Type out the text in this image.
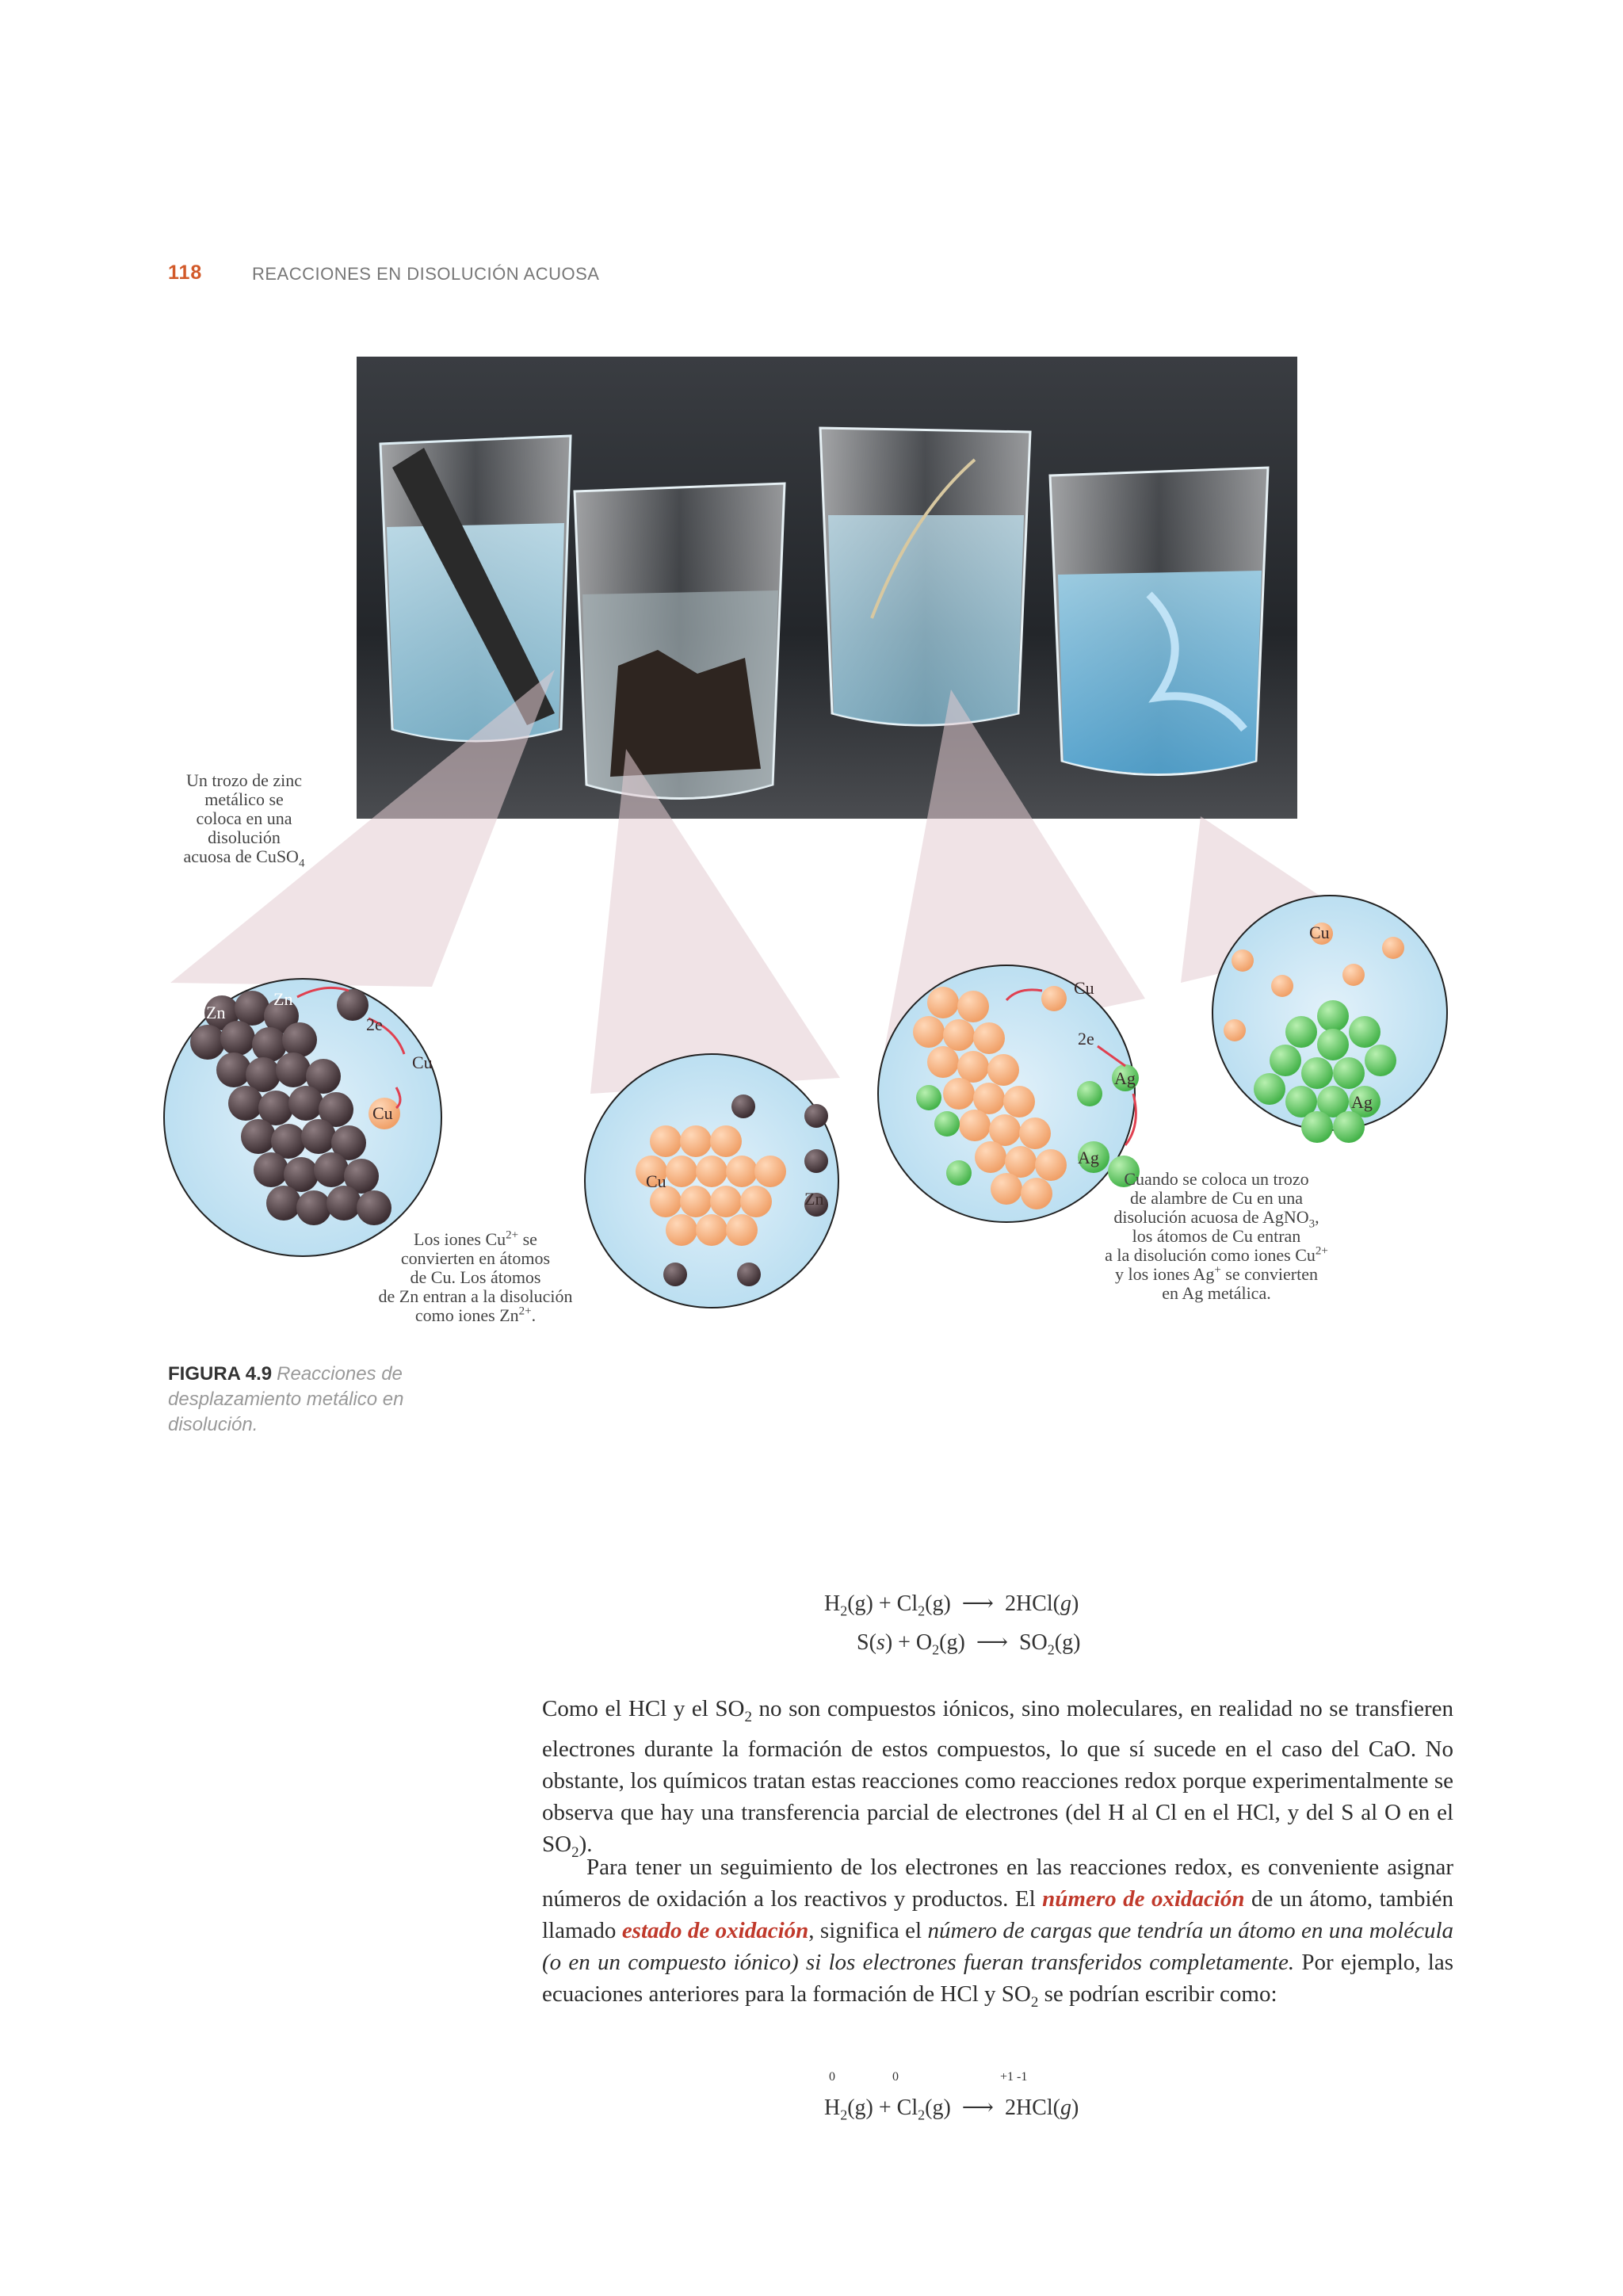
118	REACCIONES EN DISOLUCIÓN ACUOSA
Zn
Zn
2e
Cu
Cu
Cu
Zn
Cu
2e
Ag
Ag
Cu
Ag
Un trozo de zinc
metálico se
coloca en una
disolución
acuosa de CuSO$_4$
Los iones $Cu^{2+}$ se
convierten en átomos
de Cu. Los átomos
de Zn entran a la disolución
como iones $Zn^{2+}$.
Cuando se coloca un trozo
de alambre de Cu en una
disolución acuosa de AgNO$_3$,
los átomos de Cu entran
a la disolución como iones $Cu^{2+}$
y los iones Ag+ se convierten
en Ag metálica.
FIGURA 4.9 Reacciones de desplazamiento metálico en disolución.
$H_2(g) + Cl_2(g)$ ⟶ 2HCl(g)
$S(s) + O_2(g)$ ⟶ $SO_2(g)$
Como el HCl y el $SO_2$ no son compuestos iónicos, sino moleculares, en realidad no se transfieren electrones durante la formación de estos compuestos, lo que sí sucede en el caso del CaO. No obstante, los químicos tratan estas reacciones como reacciones redox porque experimentalmente se observa que hay una transferencia parcial de electrones (del H al Cl en el HCl, y del S al O en el $SO_2$).
Para tener un seguimiento de los electrones en las reacciones redox, es conveniente asignar números de oxidación a los reactivos y productos. El número de oxidación de un átomo, también llamado estado de oxidación, significa el número de cargas que tendría un átomo en una molécula (o en un compuesto iónico) si los electrones fueran transferidos completamente. Por ejemplo, las ecuaciones anteriores para la formación de HCl y $SO_2$ se podrían escribir como:
0	0	+1 -1
$H_2(g) + Cl_2(g)$ ⟶ 2HCl(g)
